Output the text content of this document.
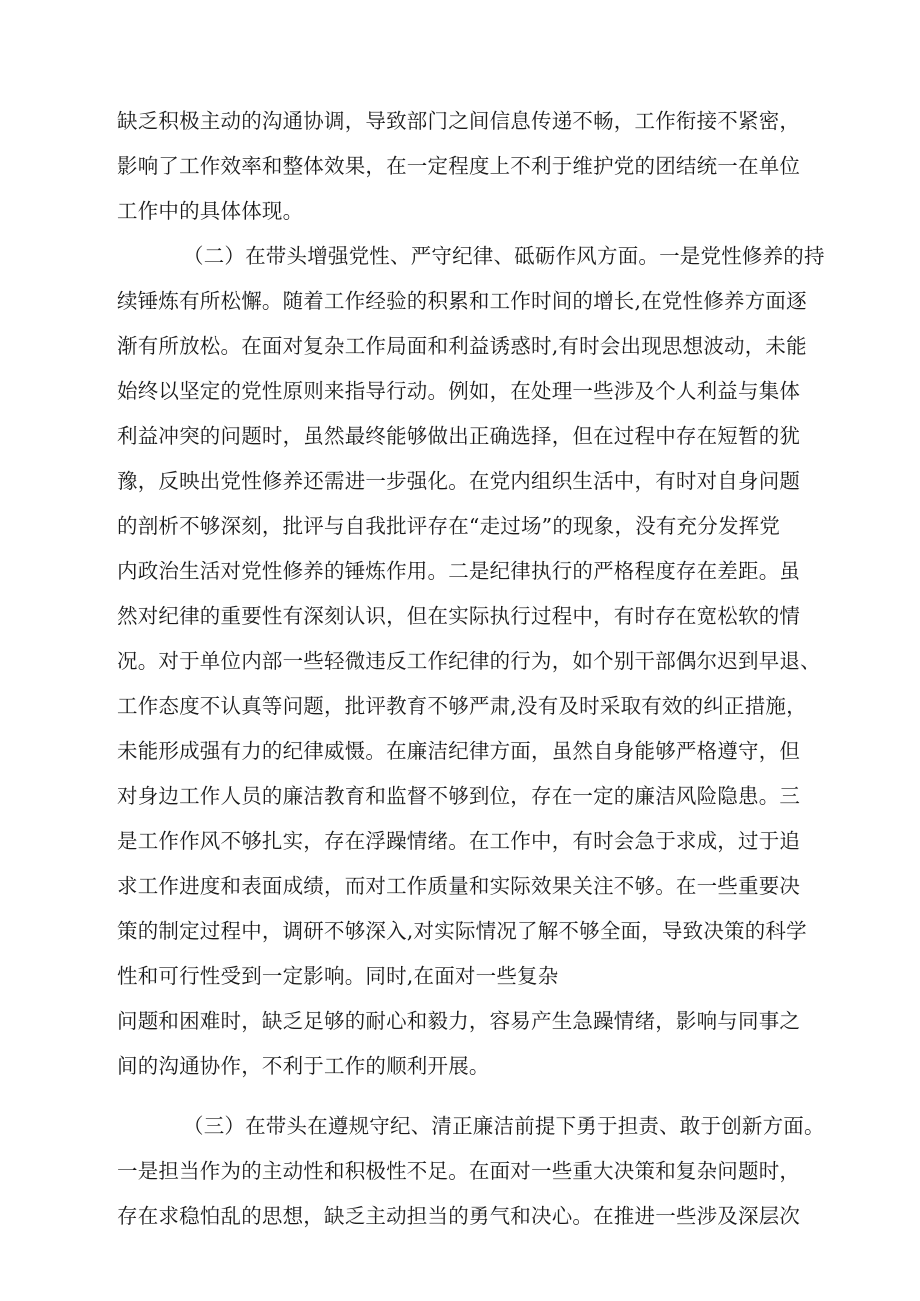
缺乏积极主动的沟通协调，导致部门之间信息传递不畅，工作衔接不紧密，
影响了工作效率和整体效果，在一定程度上不利于维护党的团结统一在单位
工作中的具体体现。
（二）在带头增强党性、严守纪律、砥砺作风方面。一是党性修养的持
续锤炼有所松懈。随着工作经验的积累和工作时间的增长,在党性修养方面逐
渐有所放松。在面对复杂工作局面和利益诱惑时,有时会出现思想波动，未能
始终以坚定的党性原则来指导行动。例如，在处理一些涉及个人利益与集体
利益冲突的问题时，虽然最终能够做出正确选择，但在过程中存在短暂的犹
豫，反映出党性修养还需进一步强化。在党内组织生活中，有时对自身问题
的剖析不够深刻，批评与自我批评存在“走过场”的现象，没有充分发挥党
内政治生活对党性修养的锤炼作用。二是纪律执行的严格程度存在差距。虽
然对纪律的重要性有深刻认识，但在实际执行过程中，有时存在宽松软的情
况。对于单位内部一些轻微违反工作纪律的行为，如个别干部偶尔迟到早退、
工作态度不认真等问题，批评教育不够严肃,没有及时采取有效的纠正措施，
未能形成强有力的纪律威慑。在廉洁纪律方面，虽然自身能够严格遵守，但
对身边工作人员的廉洁教育和监督不够到位，存在一定的廉洁风险隐患。三
是工作作风不够扎实，存在浮躁情绪。在工作中，有时会急于求成，过于追
求工作进度和表面成绩，而对工作质量和实际效果关注不够。在一些重要决
策的制定过程中，调研不够深入,对实际情况了解不够全面，导致决策的科学
性和可行性受到一定影响。同时,在面对一些复杂
问题和困难时，缺乏足够的耐心和毅力，容易产生急躁情绪，影响与同事之
间的沟通协作，不利于工作的顺利开展。
（三）在带头在遵规守纪、清正廉洁前提下勇于担责、敢于创新方面。
一是担当作为的主动性和积极性不足。在面对一些重大决策和复杂问题时，
存在求稳怕乱的思想，缺乏主动担当的勇气和决心。在推进一些涉及深层次
